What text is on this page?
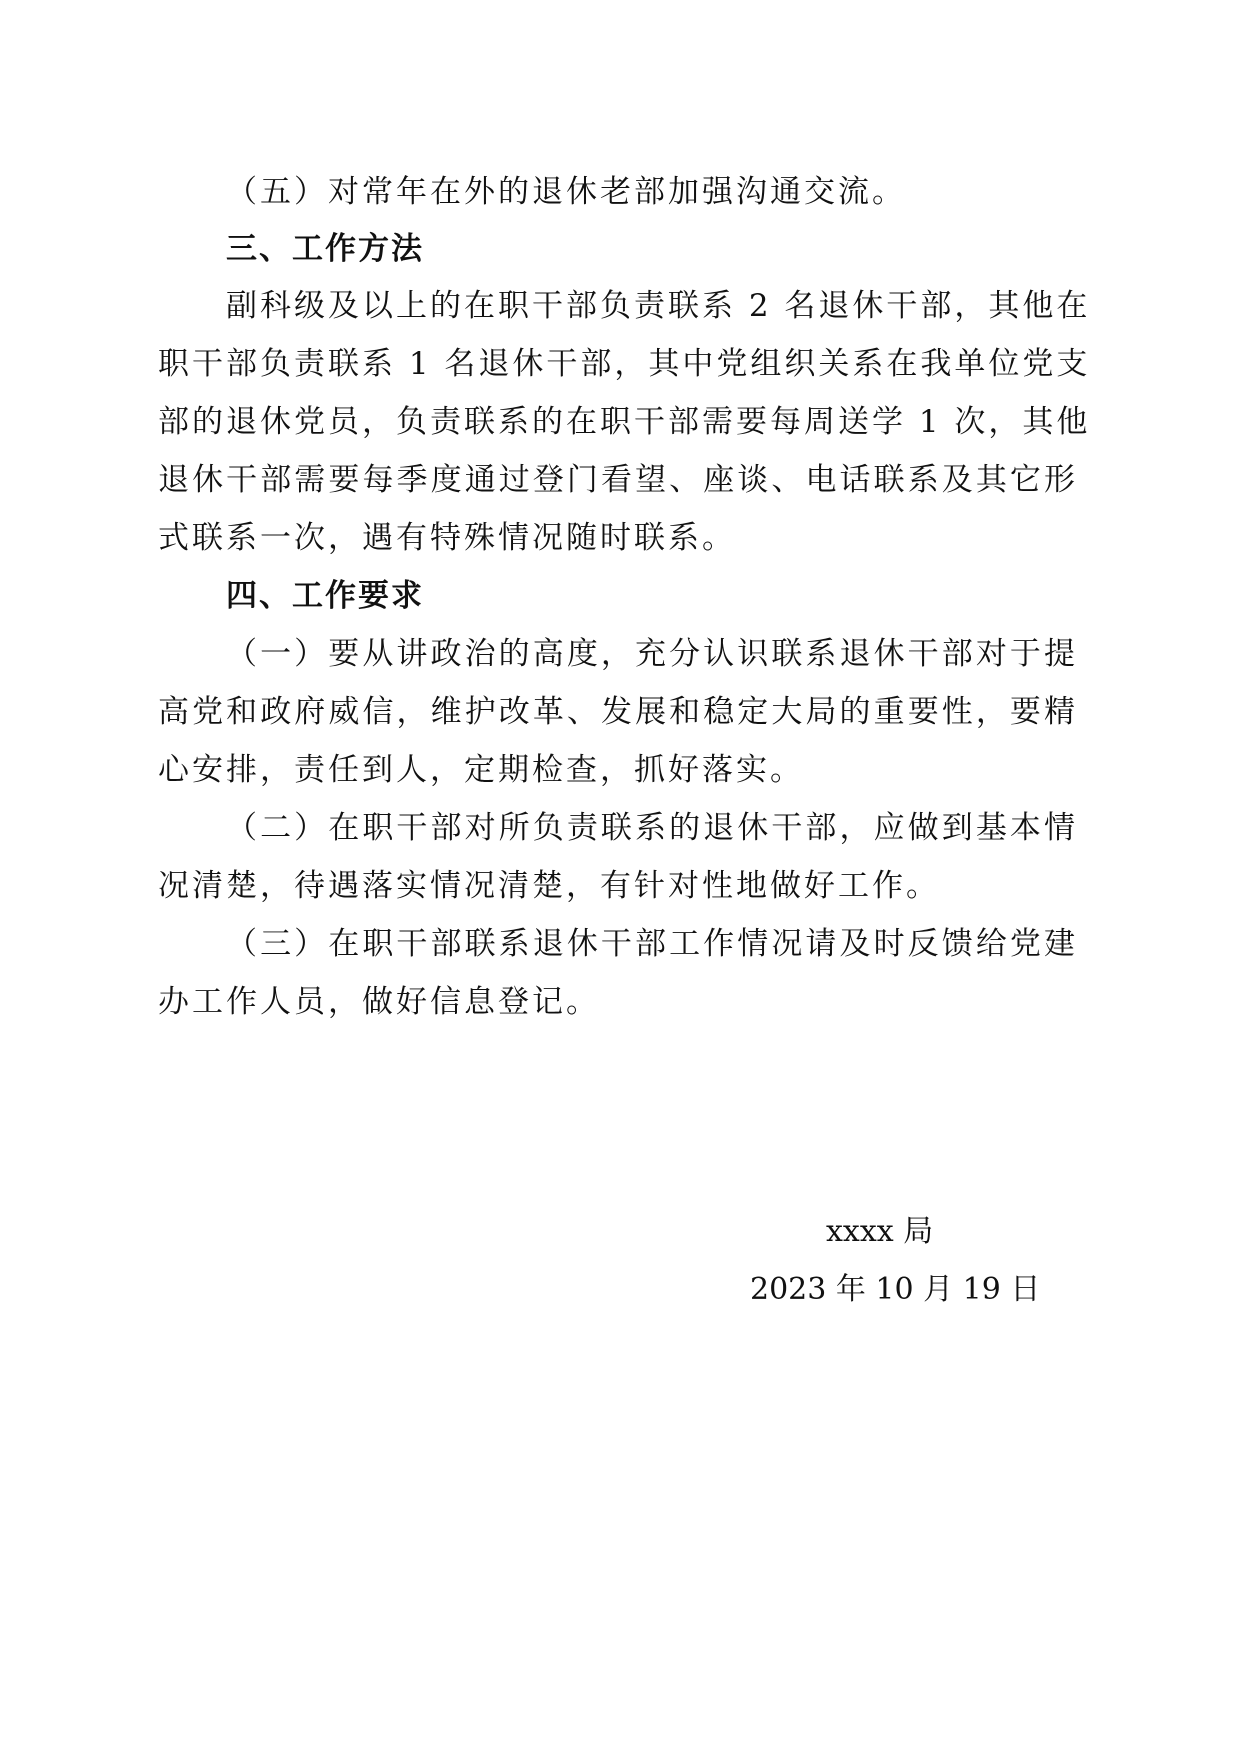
（五）对常年在外的退休老部加强沟通交流。
三、工作方法
副科级及以上的在职干部负责联系 2 名退休干部，其他在
职干部负责联系 1 名退休干部，其中党组织关系在我单位党支
部的退休党员，负责联系的在职干部需要每周送学 1 次，其他
退休干部需要每季度通过登门看望、座谈、电话联系及其它形
式联系一次，遇有特殊情况随时联系。
四、工作要求
（一）要从讲政治的高度，充分认识联系退休干部对于提
高党和政府威信，维护改革、发展和稳定大局的重要性，要精
心安排，责任到人，定期检查，抓好落实。
（二）在职干部对所负责联系的退休干部，应做到基本情
况清楚，待遇落实情况清楚，有针对性地做好工作。
（三）在职干部联系退休干部工作情况请及时反馈给党建
办工作人员，做好信息登记。
xxxx 局
2023 年 10 月 19 日
